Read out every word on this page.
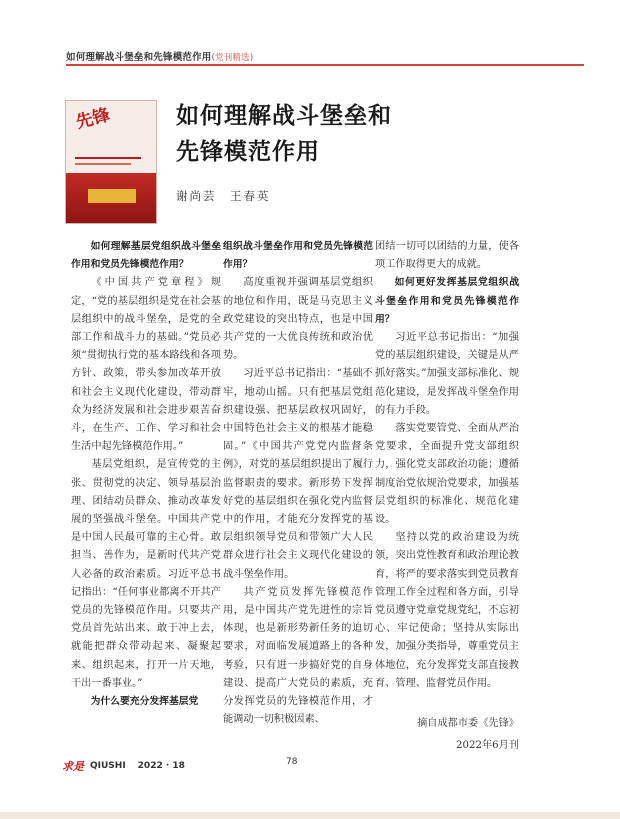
如何理解战斗堡垒和先锋模范作用(党刊精选)
先锋	如何理解战斗堡垒和
先锋模范作用
谢尚芸　王春英
如何理解基层党组织战斗堡垒作用和党员先锋模范作用？

《中国共产党章程》规定，“党的基层组织是党在社会基层组织中的战斗堡垒，是党的全部工作和战斗力的基础。”党员必须“贯彻执行党的基本路线和各项方针、政策，带头参加改革开放和社会主义现代化建设，带动群众为经济发展和社会进步艰苦奋斗，在生产、工作、学习和社会生活中起先锋模范作用。”

基层党组织，是宣传党的主张、贯彻党的决定、领导基层治理、团结动员群众、推动改革发展的坚强战斗堡垒。中国共产党是中国人民最可靠的主心骨。敢担当、善作为，是新时代共产党人必备的政治素质。习近平总书记指出：“任何事业都离不开共产党员的先锋模范作用。只要共产党员首先站出来、敢于冲上去，就能把群众带动起来、凝聚起来、组织起来，打开一片天地，干出一番事业。”

为什么要充分发挥基层党
组织战斗堡垒作用和党员先锋模范作用？

高度重视并强调基层党组织的地位和作用，既是马克思主义政党建设的突出特点，也是中国共产党的一大优良传统和政治优势。

习近平总书记指出：“基础不牢，地动山摇。只有把基层党组织建设强、把基层政权巩固好，中国特色社会主义的根基才能稳固。”《中国共产党党内监督条例》，对党的基层组织提出了履行监督职责的要求。新形势下发挥好党的基层组织在强化党内监督中的作用，才能充分发挥党的基层组织领导党员和带领广大人民群众进行社会主义现代化建设的战斗堡垒作用。

共产党员发挥先锋模范作用，是中国共产党先进性的宗旨体现，也是新形势新任务的迫切要求，对面临发展道路上的各种考验，只有进一步搞好党的自身建设、提高广大党员的素质，充分发挥党员的先锋模范作用，才能调动一切积极因素、

团结一切可以团结的力量，使各项工作取得更大的成就。

如何更好发挥基层党组织战斗堡垒作用和党员先锋模范作用？

习近平总书记指出：“加强党的基层组织建设，关键是从严抓好落实。”加强支部标准化、规范化建设，是发挥战斗堡垒作用的有力手段。

落实党要管党、全面从严治党要求，全面提升党支部组织力，强化党支部政治功能；遵循制度治党依规治党要求，加强基层党组织的标准化、规范化建设。

坚持以党的政治建设为统领，突出党性教育和政治理论教育，将严的要求落实到党员教育管理工作全过程和各方面，引导党员遵守党章党规党纪，不忘初心、牢记使命；坚持从实际出发，加强分类指导，尊重党员主体地位，充分发挥党支部直接教育、管理、监督党员作用。

摘自成都市委《先锋》

2022年6月刊

求是 QIUSHI 2022 · 18	78
